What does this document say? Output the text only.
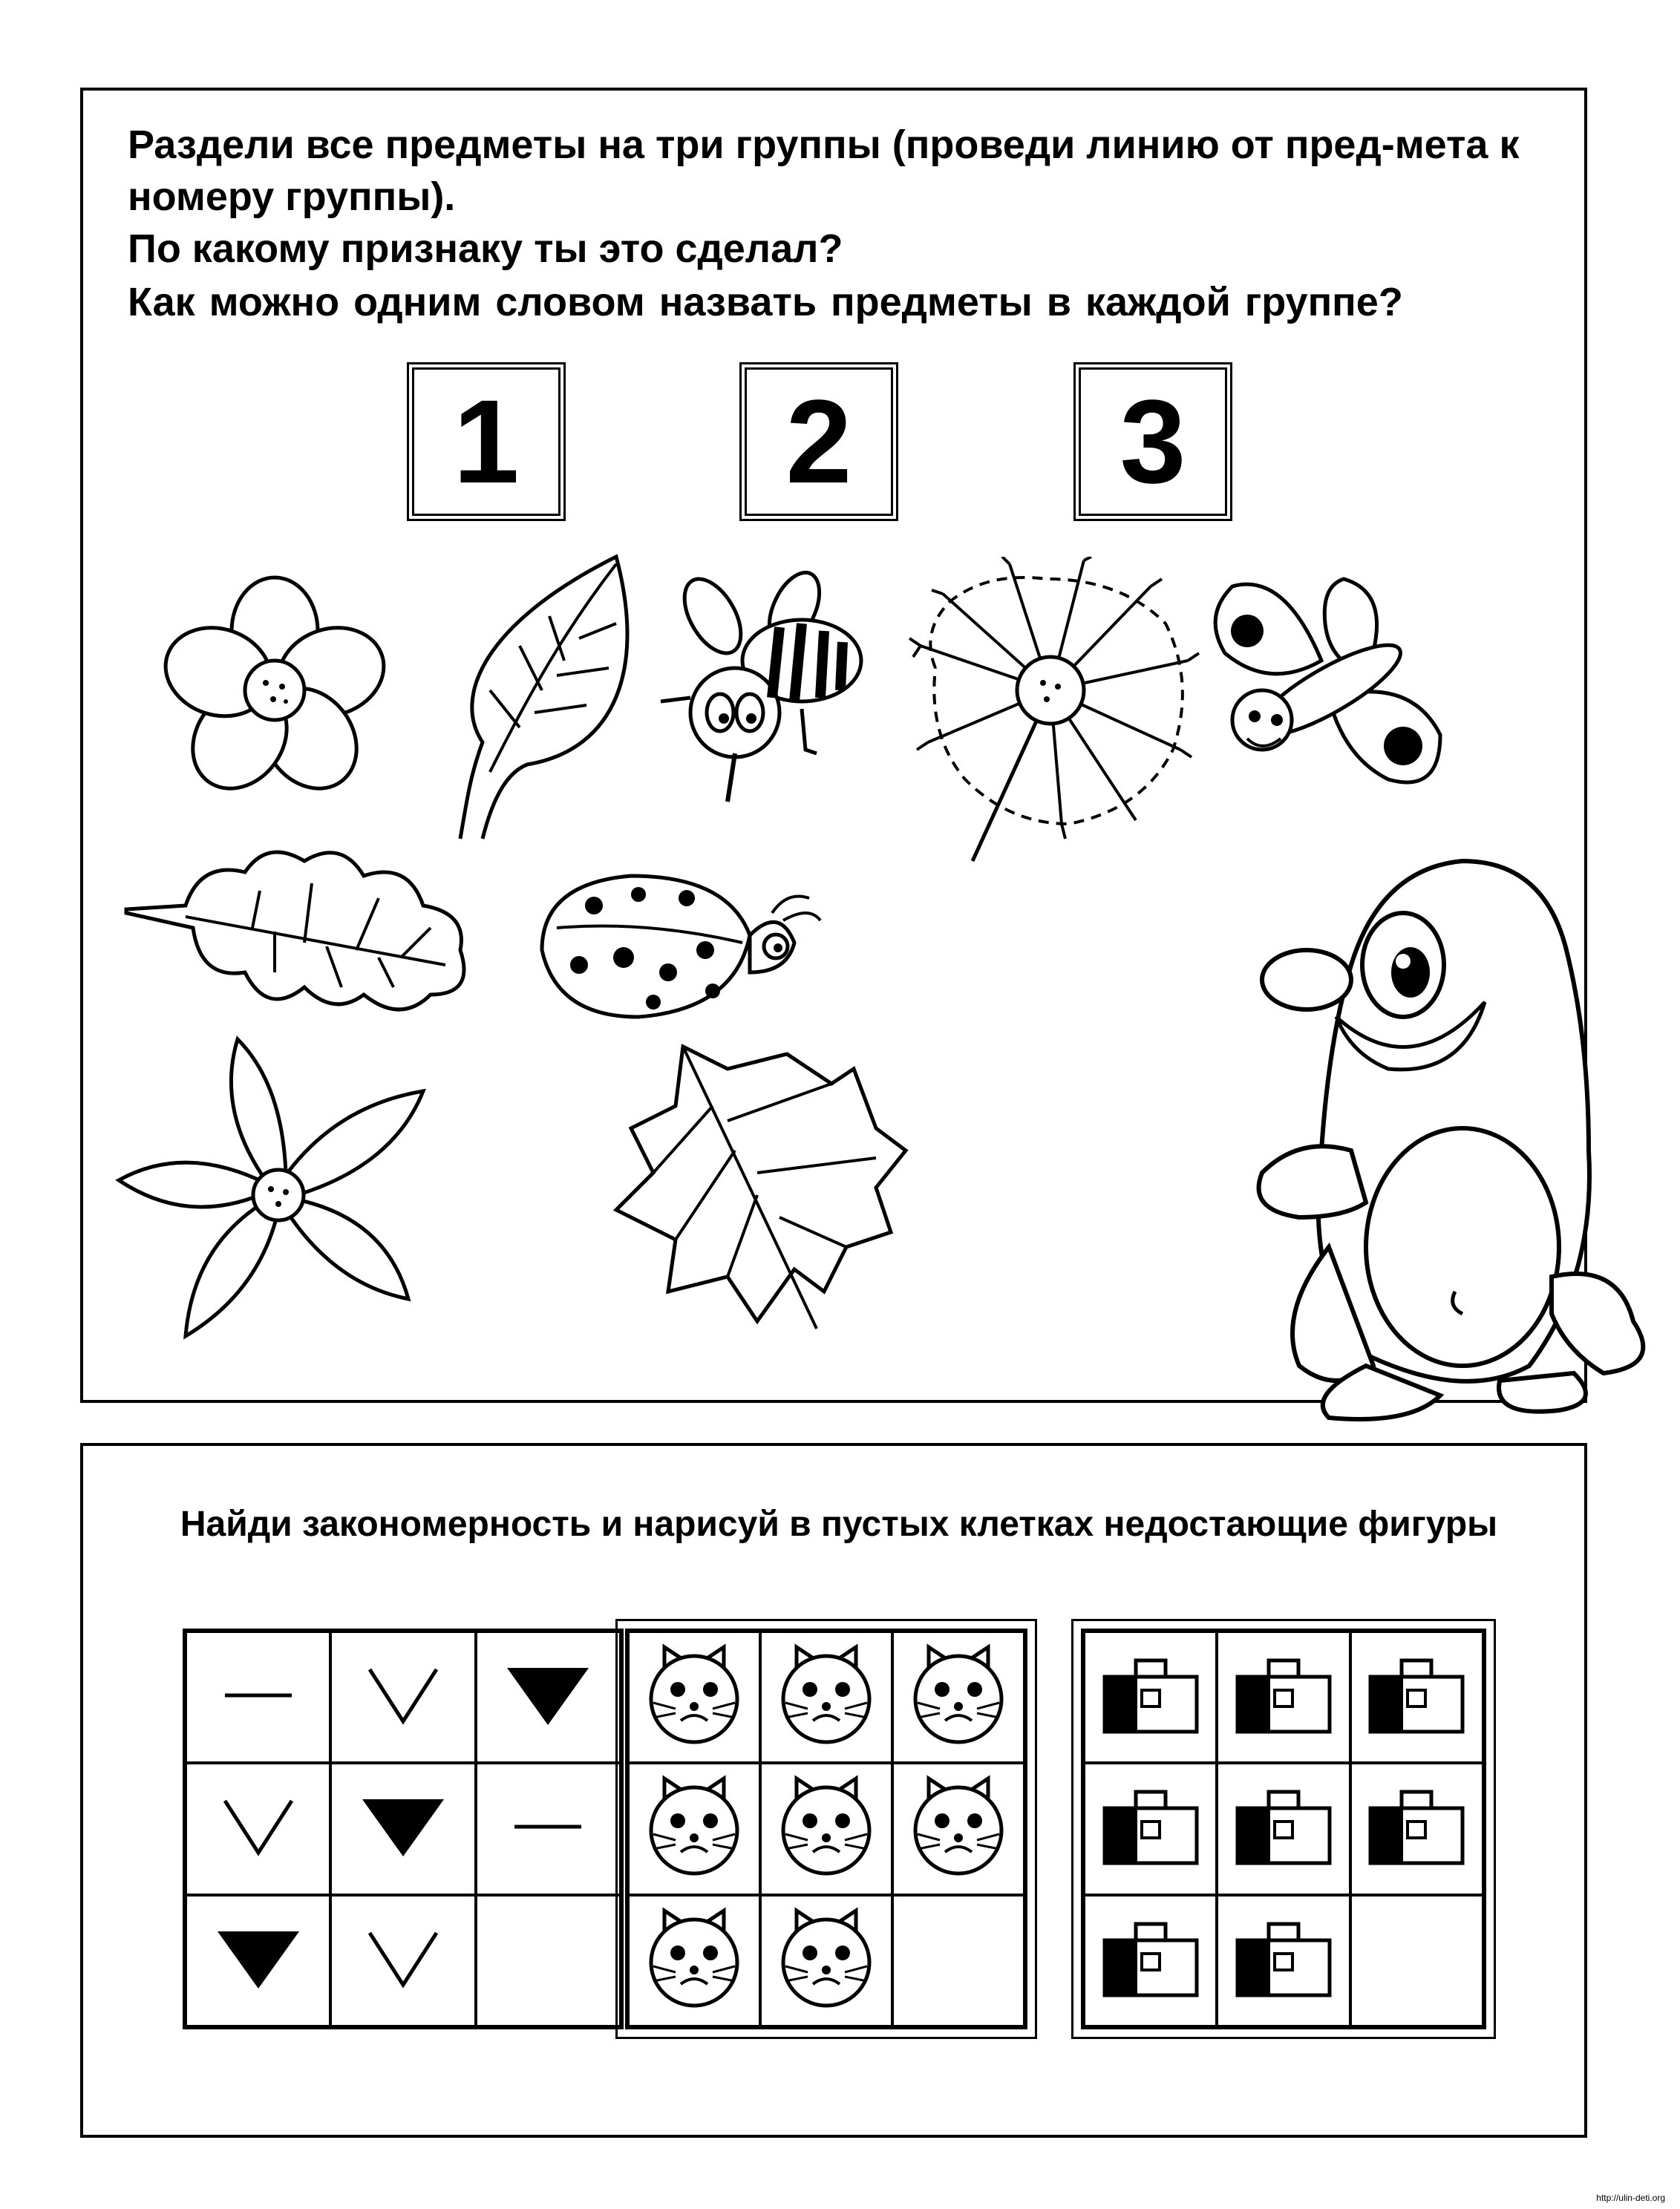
Раздели все предметы на три группы (проведи линию от пред-мета к номеру группы).

По какому признаку ты это сделал?

Как можно одним словом назвать предметы в каждой группе?

1	2	3

Найди закономерность и нарисуй в пустых клетках недостающие фигуры

http://ulin-deti.org
